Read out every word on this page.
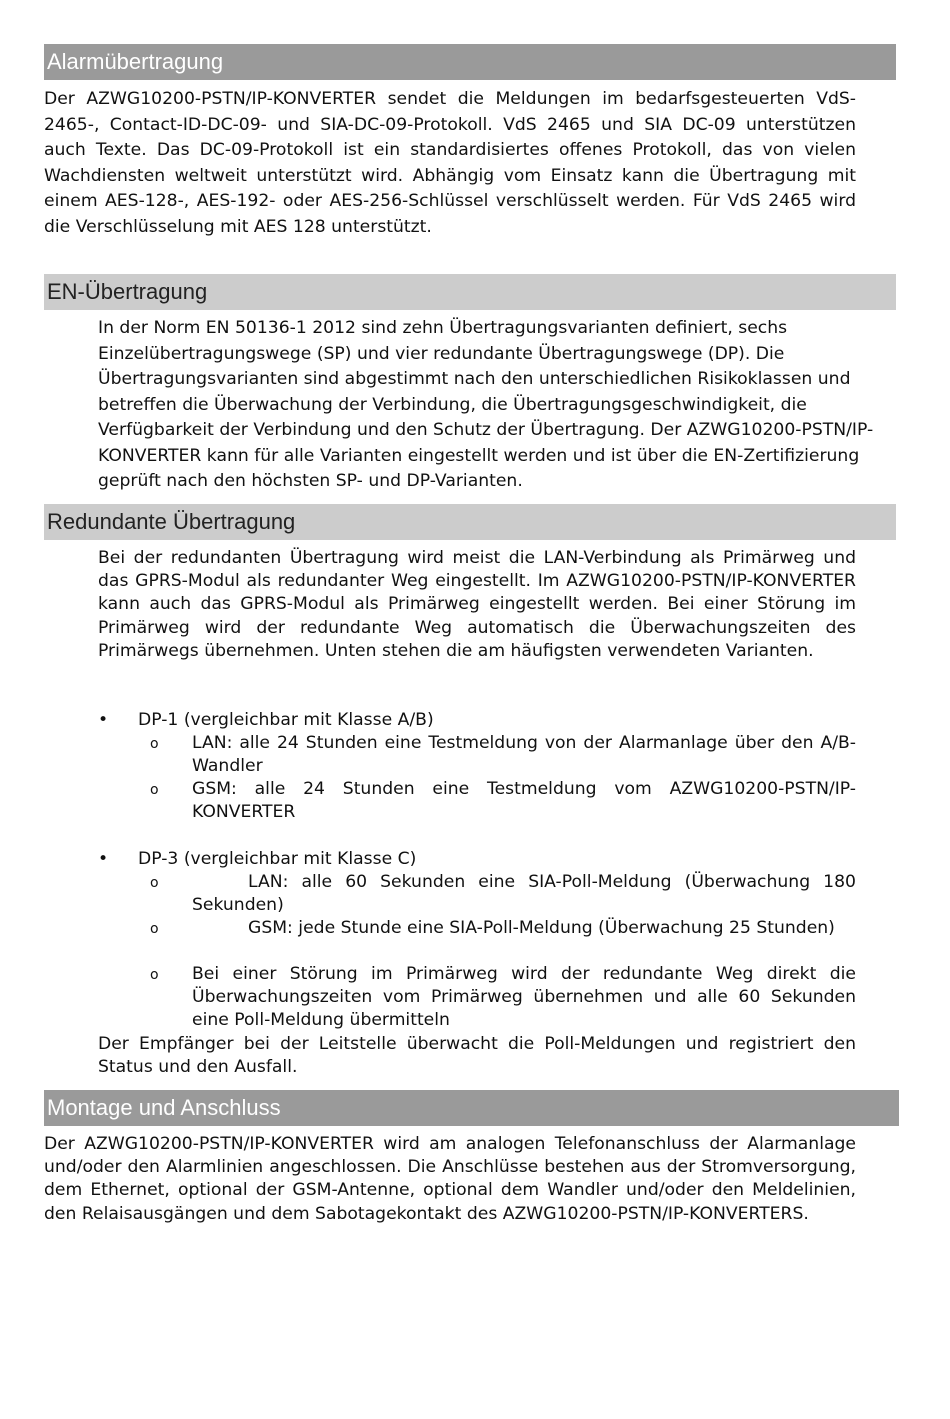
Alarmübertragung

Der AZWG10200-PSTN/IP-KONVERTER sendet die Meldungen im bedarfsgesteuerten VdS-2465-, Contact-ID-DC-09- und SIA-DC-09-Protokoll. VdS 2465 und SIA DC-09 unterstützen auch Texte. Das DC-09-Protokoll ist ein standardisiertes offenes Protokoll, das von vielen Wachdiensten weltweit unterstützt wird. Abhängig vom Einsatz kann die Übertragung mit einem AES-128-, AES-192- oder AES-256-Schlüssel verschlüsselt werden. Für VdS 2465 wird die Verschlüsselung mit AES 128 unterstützt.

EN-Übertragung

In der Norm EN 50136-1 2012 sind zehn Übertragungsvarianten definiert, sechs Einzelübertragungswege (SP) und vier redundante Übertragungswege (DP). Die Übertragungsvarianten sind abgestimmt nach den unterschiedlichen Risikoklassen und betreffen die Überwachung der Verbindung, die Übertragungsgeschwindigkeit, die Verfügbarkeit der Verbindung und den Schutz der Übertragung. Der AZWG10200-PSTN/IP-KONVERTER kann für alle Varianten eingestellt werden und ist über die EN-Zertifizierung geprüft nach den höchsten SP- und DP-Varianten.

Redundante Übertragung

Bei der redundanten Übertragung wird meist die LAN-Verbindung als Primärweg und das GPRS-Modul als redundanter Weg eingestellt. Im AZWG10200-PSTN/IP-KONVERTER kann auch das GPRS-Modul als Primärweg eingestellt werden. Bei einer Störung im Primärweg wird der redundante Weg automatisch die Überwachungszeiten des Primärwegs übernehmen. Unten stehen die am häufigsten verwendeten Varianten.

• DP-1 (vergleichbar mit Klasse A/B)
o LAN: alle 24 Stunden eine Testmeldung von der Alarmanlage über den A/B-Wandler
o GSM: alle 24 Stunden eine Testmeldung vom AZWG10200-PSTN/IP-KONVERTER
• DP-3 (vergleichbar mit Klasse C)
o	LAN: alle 60 Sekunden eine SIA-Poll-Meldung (Überwachung 180 Sekunden)
o	GSM: jede Stunde eine SIA-Poll-Meldung (Überwachung 25 Stunden)
o Bei einer Störung im Primärweg wird der redundante Weg direkt die Überwachungszeiten vom Primärweg übernehmen und alle 60 Sekunden eine Poll-Meldung übermitteln

Der Empfänger bei der Leitstelle überwacht die Poll-Meldungen und registriert den Status und den Ausfall.

Montage und Anschluss

Der AZWG10200-PSTN/IP-KONVERTER wird am analogen Telefonanschluss der Alarmanlage und/oder den Alarmlinien angeschlossen. Die Anschlüsse bestehen aus der Stromversorgung, dem Ethernet, optional der GSM-Antenne, optional dem Wandler und/oder den Meldelinien, den Relaisausgängen und dem Sabotagekontakt des AZWG10200-PSTN/IP-KONVERTERS.
